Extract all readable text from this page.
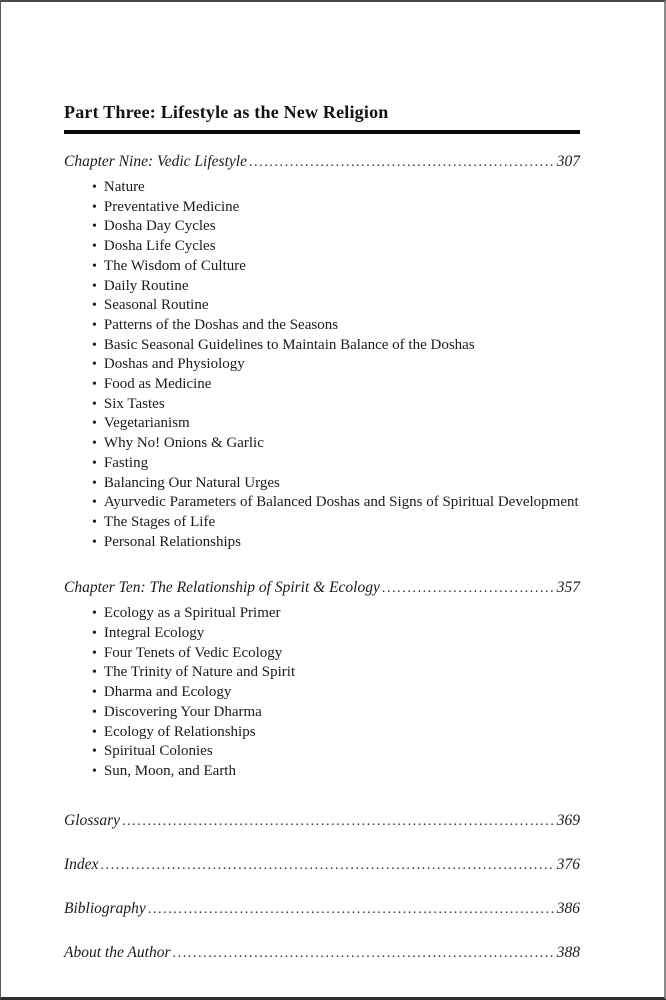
Part Three: Lifestyle as the New Religion
Chapter Nine: Vedic Lifestyle .....	307
• Nature
• Preventative Medicine
• Dosha Day Cycles
• Dosha Life Cycles
• The Wisdom of Culture
• Daily Routine
• Seasonal Routine
• Patterns of the Doshas and the Seasons
• Basic Seasonal Guidelines to Maintain Balance of the Doshas
• Doshas and Physiology
• Food as Medicine
• Six Tastes
• Vegetarianism
• Why No! Onions & Garlic
• Fasting
• Balancing Our Natural Urges
• Ayurvedic Parameters of Balanced Doshas and Signs of Spiritual Development
• The Stages of Life
• Personal Relationships
Chapter Ten: The Relationship of Spirit & Ecology .....	357
• Ecology as a Spiritual Primer
• Integral Ecology
• Four Tenets of Vedic Ecology
• The Trinity of Nature and Spirit
• Dharma and Ecology
• Discovering Your Dharma
• Ecology of Relationships
• Spiritual Colonies
• Sun, Moon, and Earth
Glossary .....	369
Index .....	376
Bibliography .....	386
About the Author .....	388
